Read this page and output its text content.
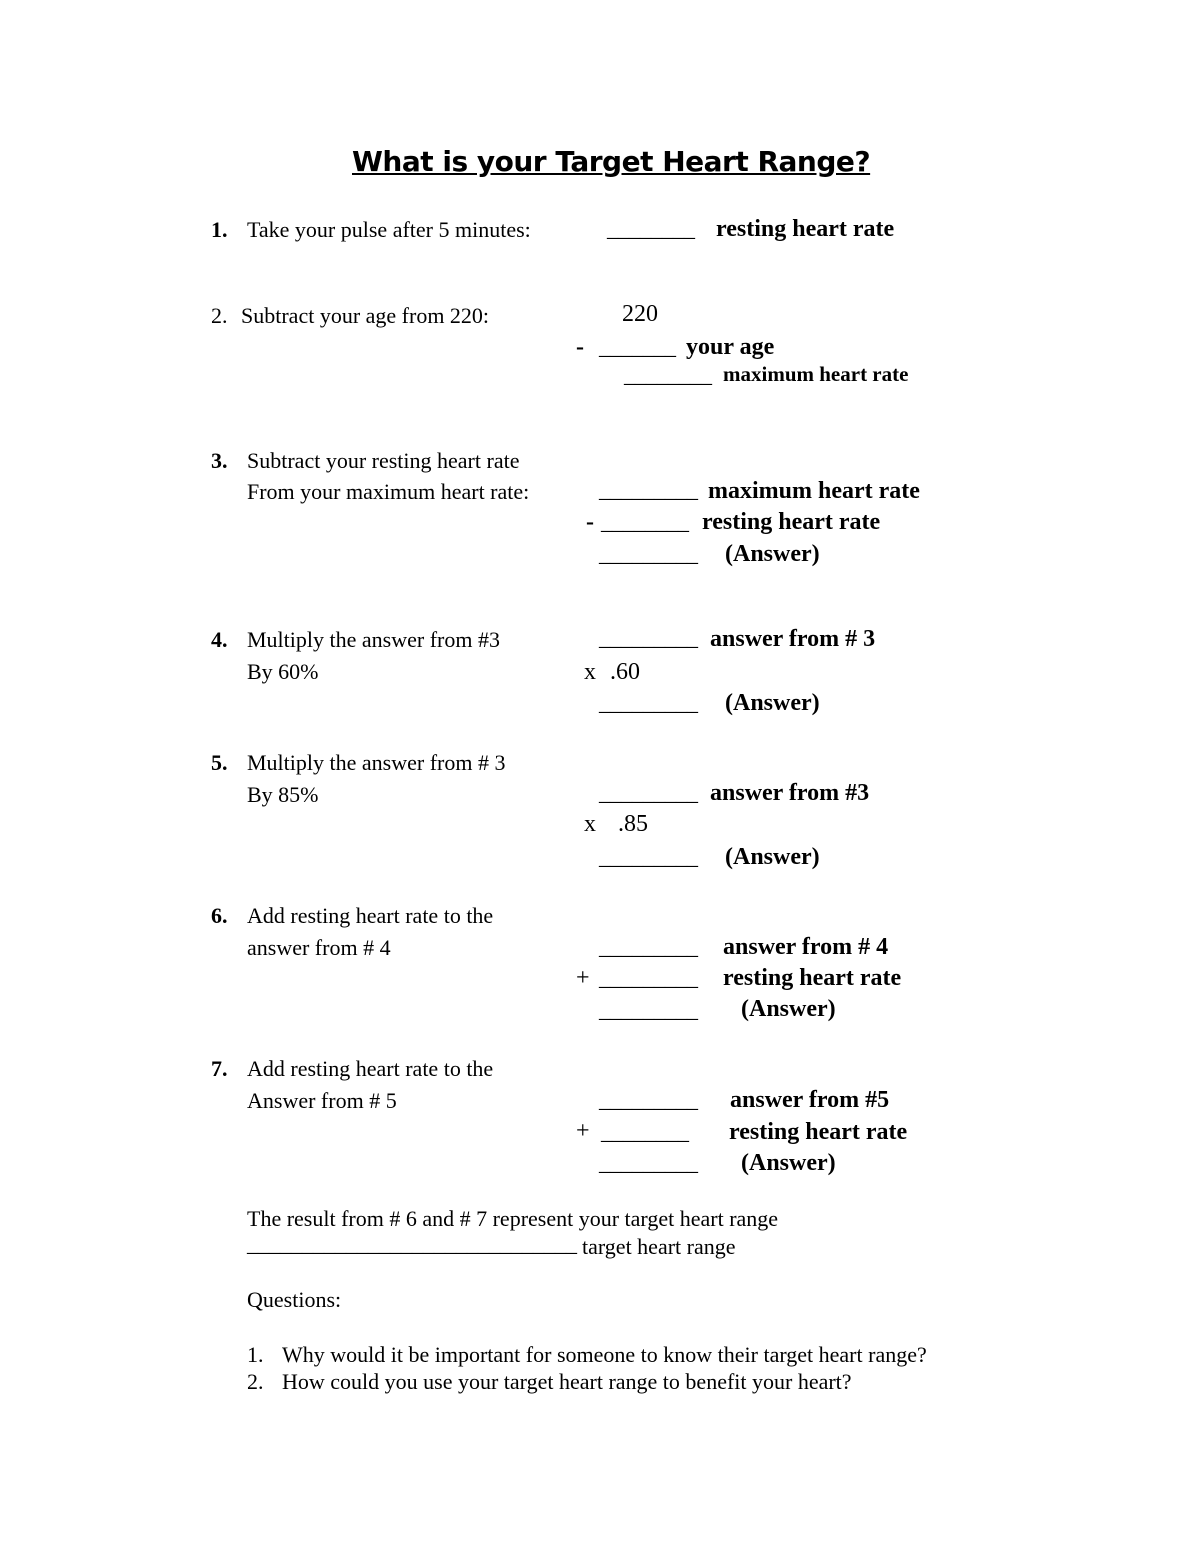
What is your Target Heart Range?
1. Take your pulse after 5 minutes:	________ resting heart rate
2. Subtract your age from 220:	220
- _______ your age
________ maximum heart rate
3. Subtract your resting heart rate
From your maximum heart rate:	_________ maximum heart rate
- ________ resting heart rate
_________ (Answer)
4. Multiply the answer from #3
By 60%
_________ answer from # 3
x .60
_________ (Answer)
5. Multiply the answer from # 3
By 85%	_________ answer from #3
x .85
_________ (Answer)
6. Add resting heart rate to the
answer from # 4	_________ answer from # 4
+ _________ resting heart rate
_________ (Answer)
7. Add resting heart rate to the
Answer from # 5	_________ answer from #5
+ ________ resting heart rate
_________ (Answer)
The result from # 6 and # 7 represent your target heart range
______________________________ target heart range
Questions:
1. Why would it be important for someone to know their target heart range?
2. How could you use your target heart range to benefit your heart?
